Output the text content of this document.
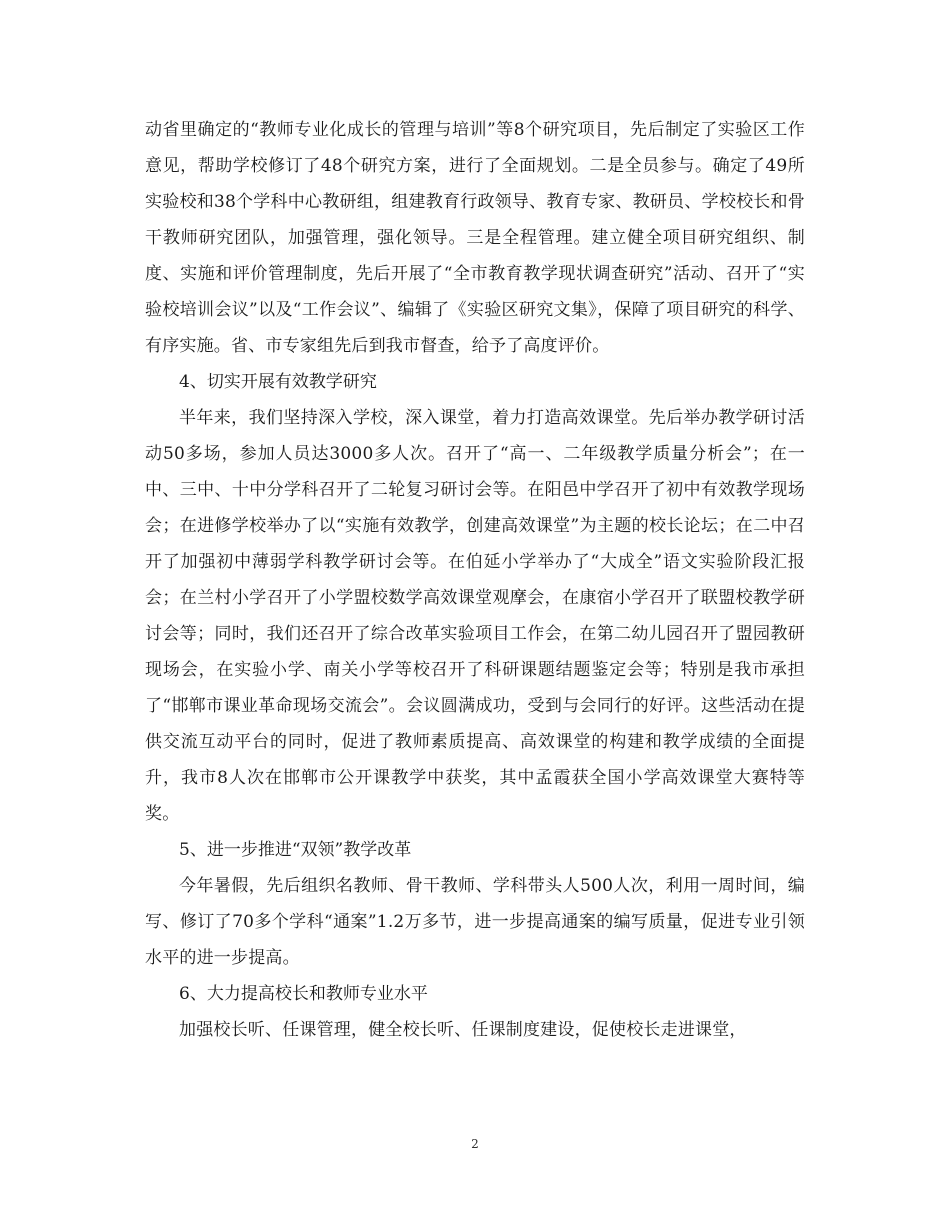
动省里确定的“教师专业化成长的管理与培训”等8个研究项目，先后制定了实验区工作意见，帮助学校修订了48个研究方案，进行了全面规划。二是全员参与。确定了49所实验校和38个学科中心教研组，组建教育行政领导、教育专家、教研员、学校校长和骨干教师研究团队，加强管理，强化领导。三是全程管理。建立健全项目研究组织、制度、实施和评价管理制度，先后开展了“全市教育教学现状调查研究”活动、召开了“实验校培训会议”以及“工作会议”、编辑了《实验区研究文集》，保障了项目研究的科学、有序实施。省、市专家组先后到我市督查，给予了高度评价。

4、切实开展有效教学研究

半年来，我们坚持深入学校，深入课堂，着力打造高效课堂。先后举办教学研讨活动50多场，参加人员达3000多人次。召开了“高一、二年级教学质量分析会”；在一中、三中、十中分学科召开了二轮复习研讨会等。在阳邑中学召开了初中有效教学现场会；在进修学校举办了以“实施有效教学，创建高效课堂”为主题的校长论坛；在二中召开了加强初中薄弱学科教学研讨会等。在伯延小学举办了“大成全”语文实验阶段汇报会；在兰村小学召开了小学盟校数学高效课堂观摩会，在康宿小学召开了联盟校教学研讨会等；同时，我们还召开了综合改革实验项目工作会，在第二幼儿园召开了盟园教研现场会，在实验小学、南关小学等校召开了科研课题结题鉴定会等；特别是我市承担了“邯郸市课业革命现场交流会”。会议圆满成功，受到与会同行的好评。这些活动在提供交流互动平台的同时，促进了教师素质提高、高效课堂的构建和教学成绩的全面提升，我市8人次在邯郸市公开课教学中获奖，其中孟霞获全国小学高效课堂大赛特等奖。

5、进一步推进“双领”教学改革

今年暑假，先后组织名教师、骨干教师、学科带头人500人次，利用一周时间，编写、修订了70多个学科“通案”1.2万多节，进一步提高通案的编写质量，促进专业引领水平的进一步提高。

6、大力提高校长和教师专业水平

加强校长听、任课管理，健全校长听、任课制度建设，促使校长走进课堂，

2
